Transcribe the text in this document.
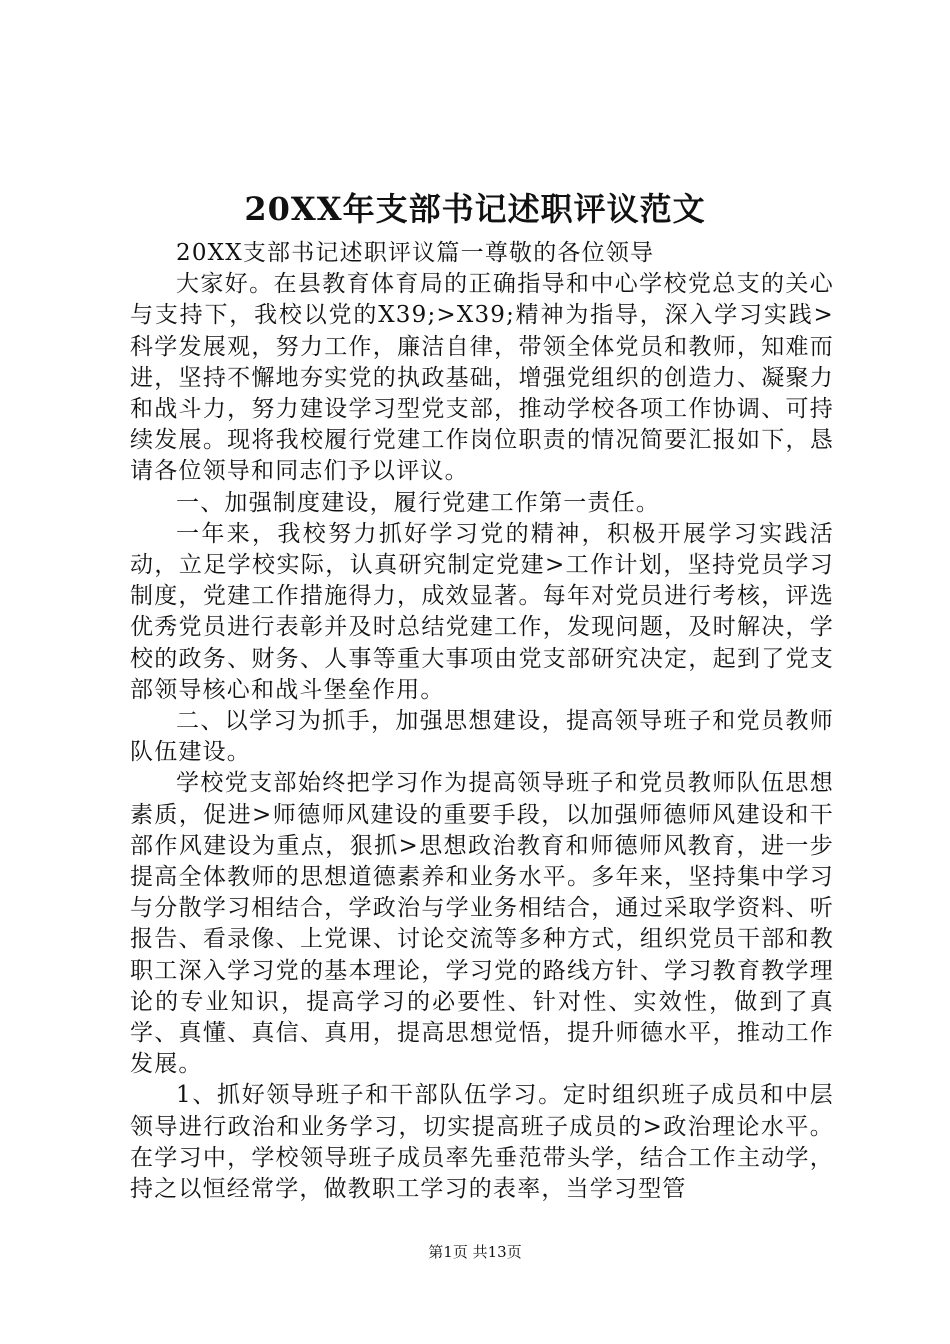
20XX年支部书记述职评议范文

20XX支部书记述职评议篇一尊敬的各位领导

大家好。在县教育体育局的正确指导和中心学校党总支的关心与支持下，我校以党的X39;>X39;精神为指导，深入学习实践>科学发展观，努力工作，廉洁自律，带领全体党员和教师，知难而进，坚持不懈地夯实党的执政基础，增强党组织的创造力、凝聚力和战斗力，努力建设学习型党支部，推动学校各项工作协调、可持续发展。现将我校履行党建工作岗位职责的情况简要汇报如下，恳请各位领导和同志们予以评议。

一、加强制度建设，履行党建工作第一责任。

一年来，我校努力抓好学习党的精神，积极开展学习实践活动，立足学校实际，认真研究制定党建>工作计划，坚持党员学习制度，党建工作措施得力，成效显著。每年对党员进行考核，评选优秀党员进行表彰并及时总结党建工作，发现问题，及时解决，学校的政务、财务、人事等重大事项由党支部研究决定，起到了党支部领导核心和战斗堡垒作用。

二、以学习为抓手，加强思想建设，提高领导班子和党员教师队伍建设。

学校党支部始终把学习作为提高领导班子和党员教师队伍思想素质，促进>师德师风建设的重要手段，以加强师德师风建设和干部作风建设为重点，狠抓>思想政治教育和师德师风教育，进一步提高全体教师的思想道德素养和业务水平。多年来，坚持集中学习与分散学习相结合，学政治与学业务相结合，通过采取学资料、听报告、看录像、上党课、讨论交流等多种方式，组织党员干部和教职工深入学习党的基本理论，学习党的路线方针、学习教育教学理论的专业知识，提高学习的必要性、针对性、实效性，做到了真学、真懂、真信、真用，提高思想觉悟，提升师德水平，推动工作发展。

1、抓好领导班子和干部队伍学习。定时组织班子成员和中层领导进行政治和业务学习，切实提高班子成员的>政治理论水平。在学习中，学校领导班子成员率先垂范带头学，结合工作主动学，持之以恒经常学，做教职工学习的表率，当学习型管

第1页 共13页
